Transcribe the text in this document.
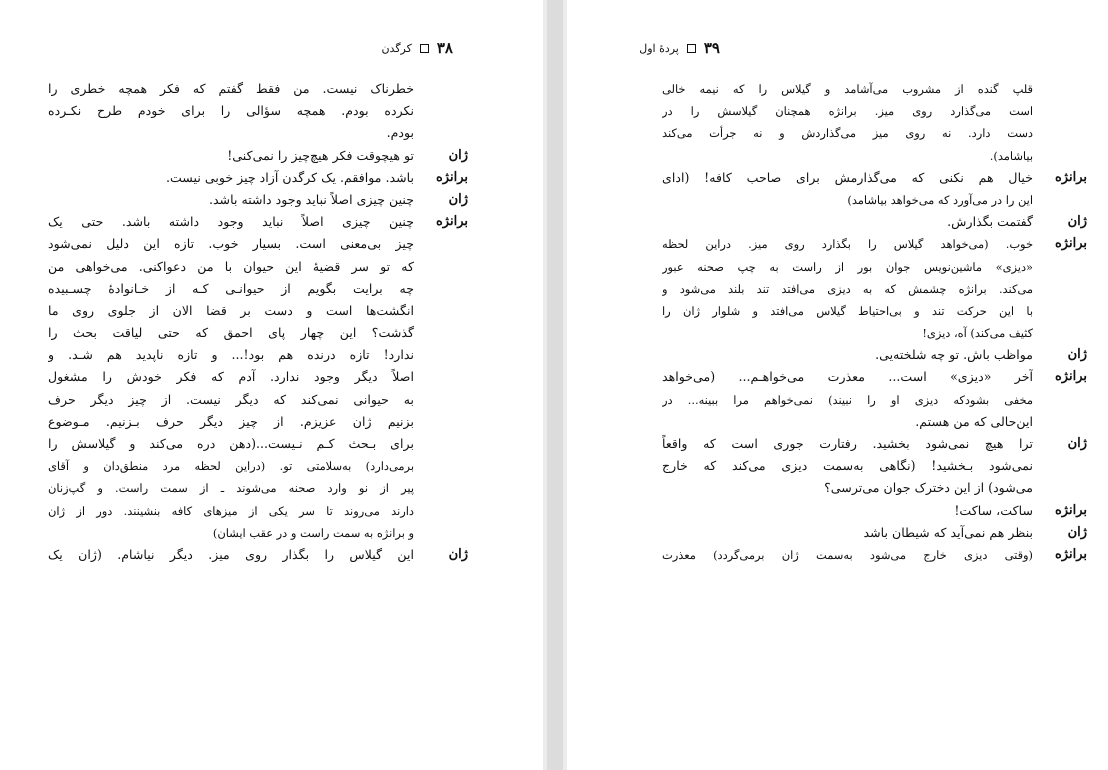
۳۸
کرگدن
خطرناک نیست. من فقط گفتم که فکر همچه خطری را
نکرده بودم. همچه سؤالی را برای خودم طرح نکـرده
بودم.
ژان
تو هیچوقت فکر هیچ‌چیز را نمی‌کنی!
برانژه
باشد. موافقم. یک کرگدن آزاد چیز خوبی نیست.
ژان
چنین چیزی اصلاً نباید وجود داشته باشد.
برانژه
چنین چیزی اصلاً نباید وجود داشته باشد. حتی یک
چیز بی‌معنی است. بسیار خوب. تازه این دلیل نمی‌شود
که تو سر قضیهٔ این حیوان با من دعواکنی. می‌خواهی من
چه برایت بگویم از حیوانـی کـه از خـانوادهٔ چسـبیده
انگشت‌ها است و دست بر قضا الان از جلوی روی ما
گذشت؟ این چهار پای احمق که حتی لیاقت بحث را
ندارد! تازه درنده هم بود!... و تازه ناپدید هم شـد. و
اصلاً دیگر وجود ندارد. آدم که فکر خودش را مشغول
به حیوانی نمی‌کند که دیگر نیست. از چیز دیگر حرف
بزنیم ژان عزیزم. از چیز دیگر حرف بـزنیم. مـوضوع
برای بـحث کـم نـیست...(دهن دره می‌کند و گیلاسش را
برمی‌دارد) به‌سلامتی تو. (دراین لحظه مرد منطق‌دان و آقای
پیر از نو وارد صحنه می‌شوند ـ از سمت راست. و گپ‌زنان
دارند می‌روند تا سر یکی از میزهای کافه بنشینند. دور از ژان
و برانژه به سمت راست و در عقب ایشان)
ژان
این گیلاس را بگذار روی میز. دیگر نیاشام. (ژان یک
۳۹
پردهٔ اول
قلپ گنده از مشروب می‌آشامد و گیلاس را که نیمه خالی
است می‌گذارد روی میز. برانژه همچنان گیلاسش را در
دست دارد. نه روی میز می‌گذاردش و نه جرأت می‌کند
بیاشامد).
برانژه
خیال هم نکنی که می‌گذارمش برای صاحب کافه! (ادای
این را در می‌آورد که می‌خواهد بیاشامد)
ژان
گفتمت بگذارش.
برانژه
خوب. (می‌خواهد گیلاس را بگذارد روی میز. دراین لحظه
«دیزی» ماشین‌نویس جوان بور از راست به چپ صحنه عبور
می‌کند. برانژه چشمش که به دیزی می‌افتد تند بلند می‌شود و
با این حرکت تند و بی‌احتیاط گیلاس می‌افتد و شلوار ژان را
کثیف می‌کند) آه، دیزی!
ژان
مواظب باش. تو چه شلخته‌یی.
برانژه
آخر «دیزی» است... معذرت می‌خواهـم... (می‌خواهد
مخفی بشودکه دیزی او را نبیند) نمی‌خواهم مرا ببینه... در
این‌حالی که من هستم.
ژان
ترا هیچ نمی‌شود بخشید. رفتارت جوری است که واقعاً
نمی‌شود بـخشید! (نگاهی به‌سمت دیزی می‌کند که خارج
می‌شود) از این دخترک جوان می‌ترسی؟
برانژه
ساکت، ساکت!
ژان
بنظر هم نمی‌آید که شیطان باشد
برانژه
(وقتی دیزی خارج می‌شود به‌سمت ژان برمی‌گردد) معذرت
